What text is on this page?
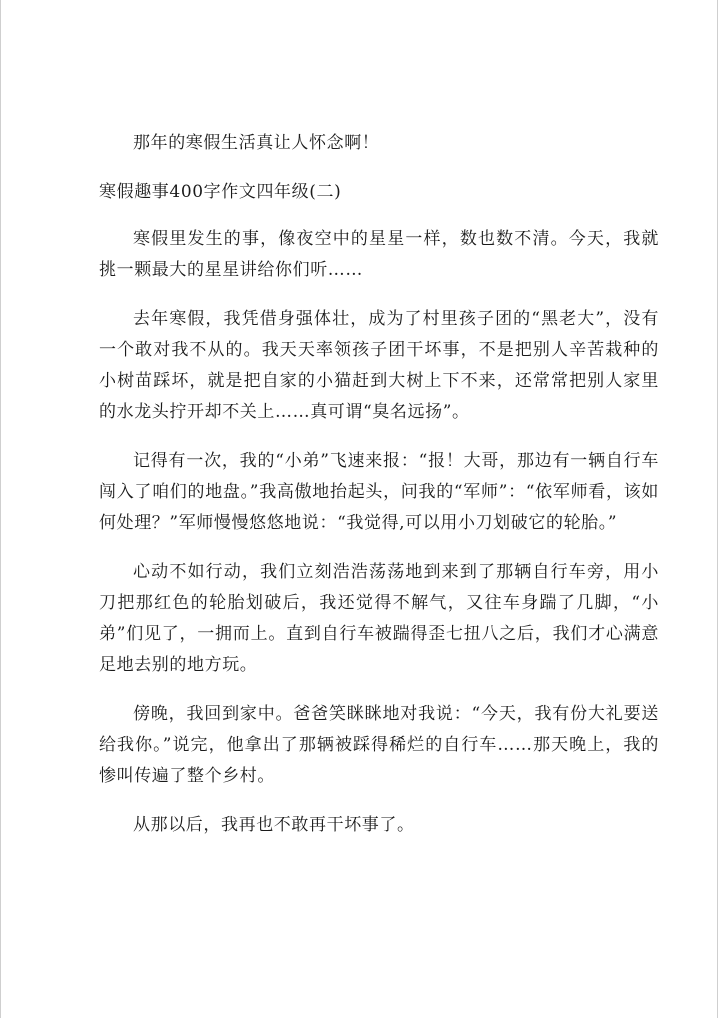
那年的寒假生活真让人怀念啊！

寒假趣事400字作文四年级(二)

寒假里发生的事，像夜空中的星星一样，数也数不清。今天，我就挑一颗最大的星星讲给你们听……

去年寒假，我凭借身强体壮，成为了村里孩子团的“黑老大”，没有一个敢对我不从的。我天天率领孩子团干坏事，不是把别人辛苦栽种的小树苗踩坏，就是把自家的小猫赶到大树上下不来，还常常把别人家里的水龙头拧开却不关上……真可谓“臭名远扬”。

记得有一次，我的“小弟”飞速来报：“报！大哥，那边有一辆自行车闯入了咱们的地盘。”我高傲地抬起头，问我的“军师”：“依军师看，该如何处理？”军师慢慢悠悠地说：“我觉得,可以用小刀划破它的轮胎。”

心动不如行动，我们立刻浩浩荡荡地到来到了那辆自行车旁，用小刀把那红色的轮胎划破后，我还觉得不解气，又往车身踹了几脚，“小弟”们见了，一拥而上。直到自行车被踹得歪七扭八之后，我们才心满意足地去别的地方玩。

傍晚，我回到家中。爸爸笑眯眯地对我说：“今天，我有份大礼要送给我你。”说完，他拿出了那辆被踩得稀烂的自行车……那天晚上，我的惨叫传遍了整个乡村。

从那以后，我再也不敢再干坏事了。
